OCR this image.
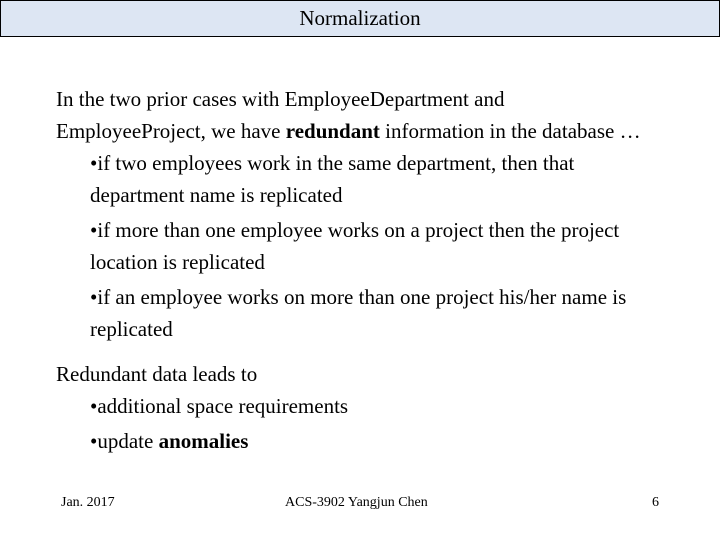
Normalization

In the two prior cases with EmployeeDepartment and EmployeeProject, we have redundant information in the database …

• if two employees work in the same department, then that department name is replicated
• if more than one employee works on a project then the project location is replicated
• if an employee works on more than one project his/her name is replicated

Redundant data leads to

• additional space requirements
• update anomalies
Jan. 2017	ACS-3902 Yangjun Chen	6
